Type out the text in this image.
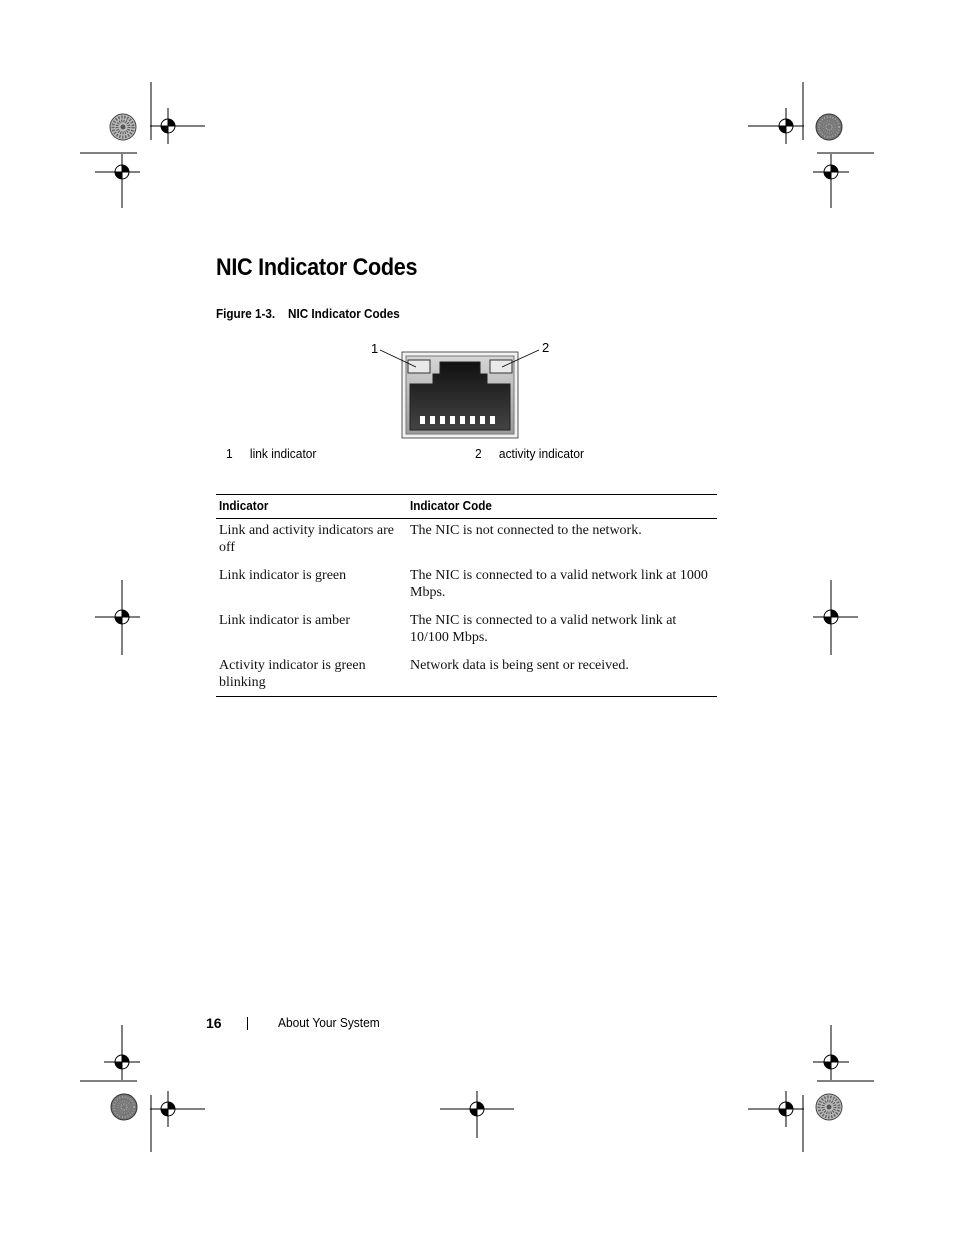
NIC Indicator Codes
Figure 1-3. NIC Indicator Codes
1	2
1 link indicator	2 activity indicator
Indicator	Indicator Code
Link and activity indicators are off	The NIC is not connected to the network.
Link indicator is green	The NIC is connected to a valid network link at 1000 Mbps.
Link indicator is amber	The NIC is connected to a valid network link at 10/100 Mbps.
Activity indicator is green blinking	Network data is being sent or received.
16	About Your System
